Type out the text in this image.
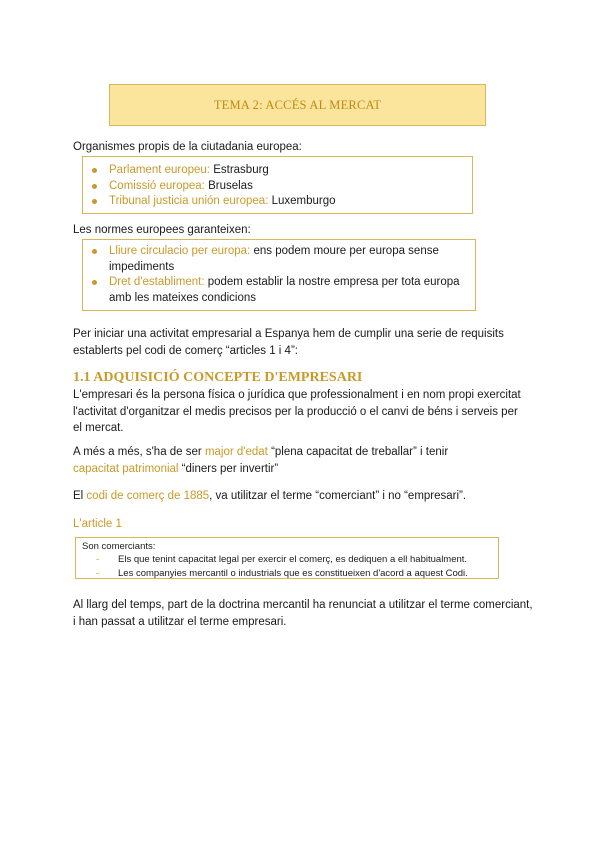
TEMA 2: ACCÉS AL MERCAT
Organismes propis de la ciutadania europea:
Parlament europeu: Estrasburg
Comissió europea: Bruselas
Tribunal justicia unión europea: Luxemburgo
Les normes europees garanteixen:
Lliure circulacio per europa: ens podem moure per europa sense impediments
Dret d'establiment: podem establir la nostre empresa per tota europa amb les mateixes condicions
Per iniciar una activitat empresarial a Espanya hem de cumplir una serie de requisits establerts pel codi de comerç “articles 1 i 4”:
1.1 ADQUISICIÓ CONCEPTE D'EMPRESARI
L'empresari és la persona física o jurídica que professionalment i en nom propi exercitat l'activitat d'organitzar el medis precisos per la producció o el canvi de béns i serveis per el mercat.
A més a més, s'ha de ser major d'edat “plena capacitat de treballar” i tenir capacitat patrimonial “diners per invertir”
El codi de comerç de 1885, va utilitzar el terme “comerciant” i no “empresari”.
L'article 1
Son comerciants:
- Els que tenint capacitat legal per exercir el comerç, es dediquen a ell habitualment.
- Les companyies mercantil o industrials que es constitueixen d'acord a aquest Codi.
Al llarg del temps, part de la doctrina mercantil ha renunciat a utilitzar el terme comerciant, i han passat a utilitzar el terme empresari.
